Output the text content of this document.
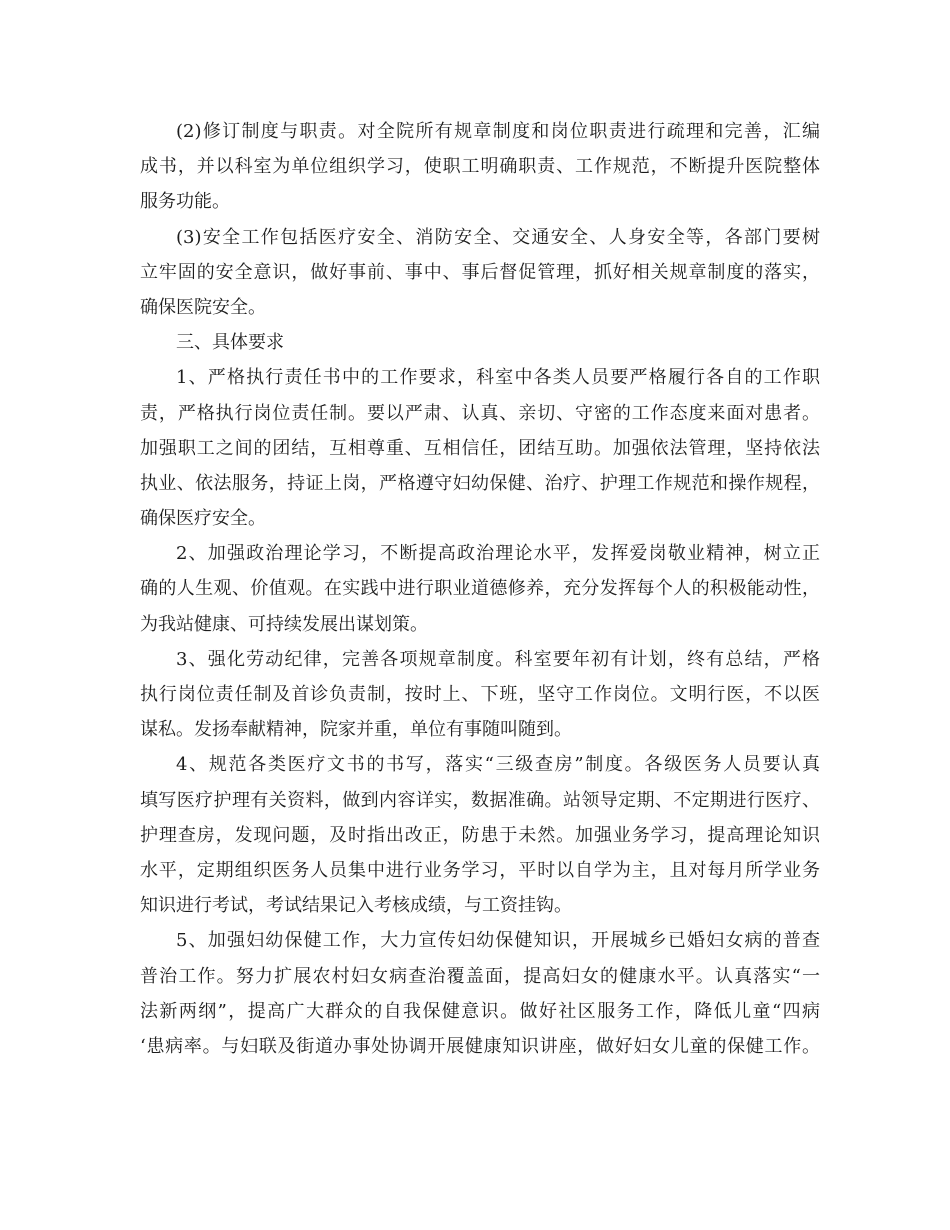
(2)修订制度与职责。对全院所有规章制度和岗位职责进行疏理和完善，汇编
成书，并以科室为单位组织学习，使职工明确职责、工作规范，不断提升医院整体
服务功能。
(3)安全工作包括医疗安全、消防安全、交通安全、人身安全等，各部门要树
立牢固的安全意识，做好事前、事中、事后督促管理，抓好相关规章制度的落实，
确保医院安全。
三、具体要求
1、严格执行责任书中的工作要求，科室中各类人员要严格履行各自的工作职
责，严格执行岗位责任制。要以严肃、认真、亲切、守密的工作态度来面对患者。
加强职工之间的团结，互相尊重、互相信任，团结互助。加强依法管理，坚持依法
执业、依法服务，持证上岗，严格遵守妇幼保健、治疗、护理工作规范和操作规程，
确保医疗安全。
2、加强政治理论学习，不断提高政治理论水平，发挥爱岗敬业精神，树立正
确的人生观、价值观。在实践中进行职业道德修养，充分发挥每个人的积极能动性，
为我站健康、可持续发展出谋划策。
3、强化劳动纪律，完善各项规章制度。科室要年初有计划，终有总结，严格
执行岗位责任制及首诊负责制，按时上、下班，坚守工作岗位。文明行医，不以医
谋私。发扬奉献精神，院家并重，单位有事随叫随到。
4、规范各类医疗文书的书写，落实“三级查房”制度。各级医务人员要认真
填写医疗护理有关资料，做到内容详实，数据准确。站领导定期、不定期进行医疗、
护理查房，发现问题，及时指出改正，防患于未然。加强业务学习，提高理论知识
水平，定期组织医务人员集中进行业务学习，平时以自学为主，且对每月所学业务
知识进行考试，考试结果记入考核成绩，与工资挂钩。
5、加强妇幼保健工作，大力宣传妇幼保健知识，开展城乡已婚妇女病的普查
普治工作。努力扩展农村妇女病查治覆盖面，提高妇女的健康水平。认真落实“一
法新两纲”，提高广大群众的自我保健意识。做好社区服务工作，降低儿童“四病
‘患病率。与妇联及街道办事处协调开展健康知识讲座，做好妇女儿童的保健工作。
